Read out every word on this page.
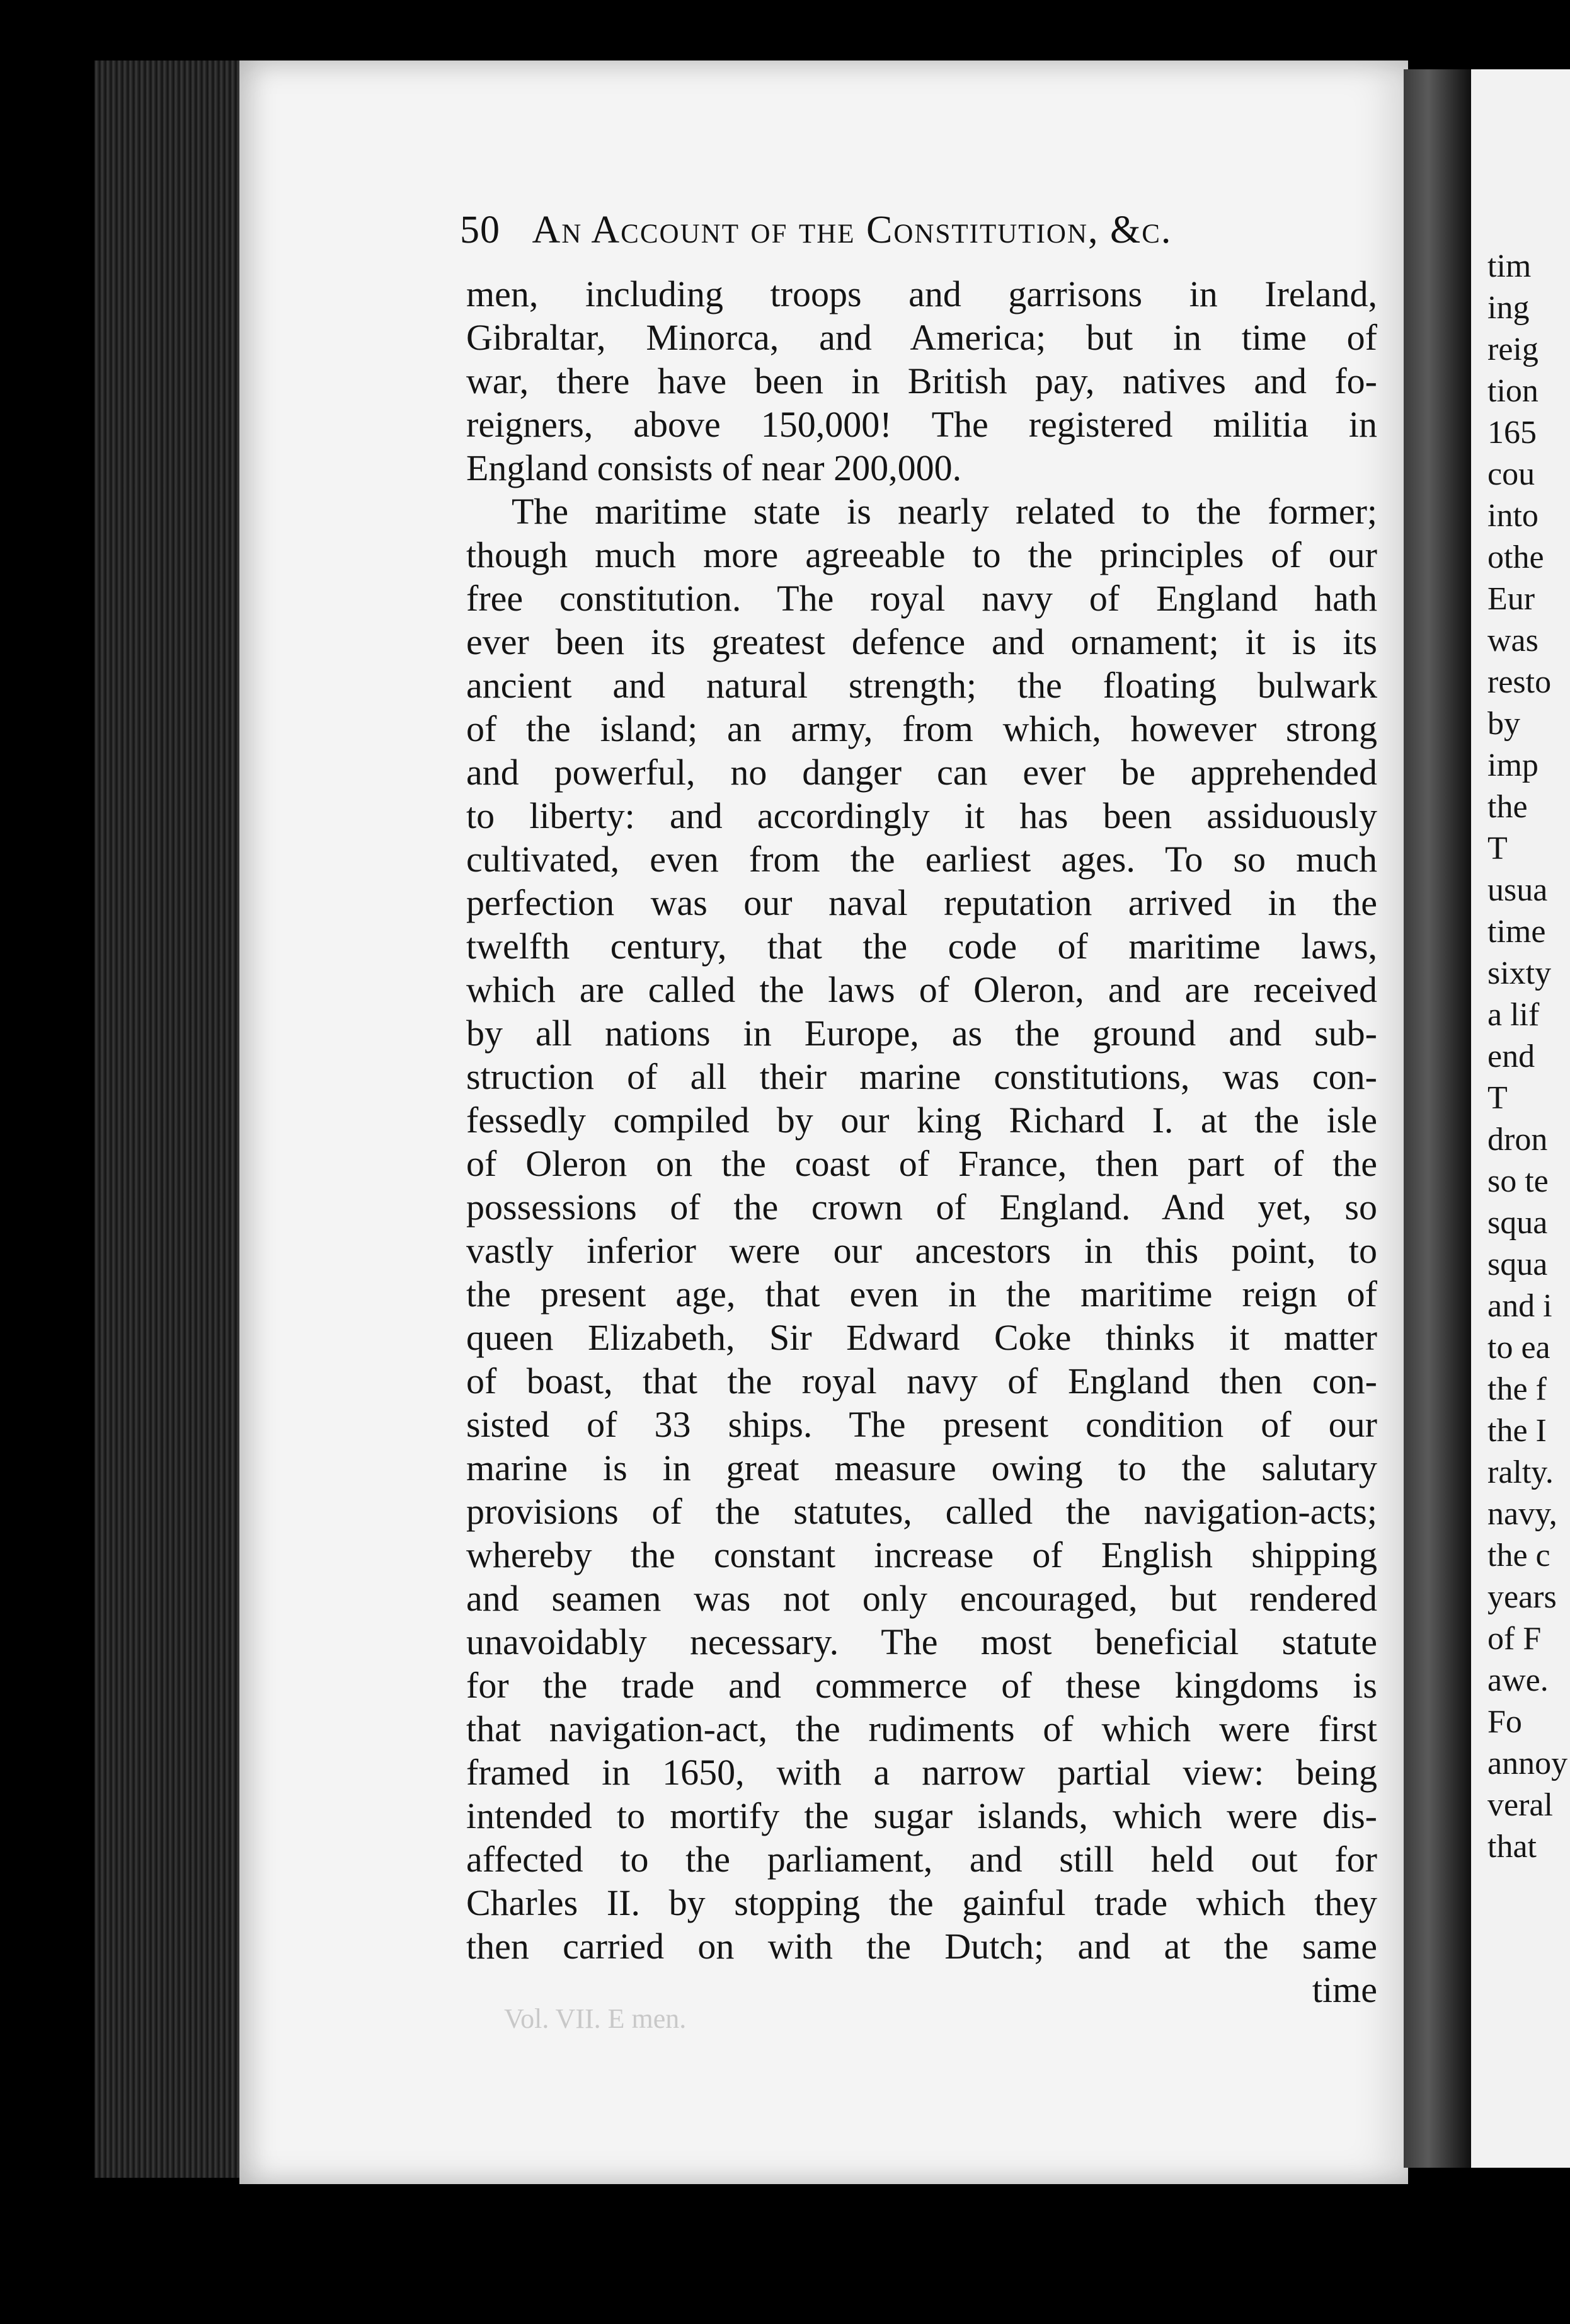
50 An Account of the Constitution, &c.
men, including troops and garrisons in Ireland,
Gibraltar, Minorca, and America; but in time of
war, there have been in British pay, natives and fo-
reigners, above 150,000! The registered militia in
England consists of near 200,000.
The maritime state is nearly related to the former;
though much more agreeable to the principles of our
free constitution. The royal navy of England hath
ever been its greatest defence and ornament; it is its
ancient and natural strength; the floating bulwark
of the island; an army, from which, however strong
and powerful, no danger can ever be apprehended
to liberty: and accordingly it has been assiduously
cultivated, even from the earliest ages. To so much
perfection was our naval reputation arrived in the
twelfth century, that the code of maritime laws,
which are called the laws of Oleron, and are received
by all nations in Europe, as the ground and sub-
struction of all their marine constitutions, was con-
fessedly compiled by our king Richard I. at the isle
of Oleron on the coast of France, then part of the
possessions of the crown of England. And yet, so
vastly inferior were our ancestors in this point, to
the present age, that even in the maritime reign of
queen Elizabeth, Sir Edward Coke thinks it matter
of boast, that the royal navy of England then con-
sisted of 33 ships. The present condition of our
marine is in great measure owing to the salutary
provisions of the statutes, called the navigation-acts;
whereby the constant increase of English shipping
and seamen was not only encouraged, but rendered
unavoidably necessary. The most beneficial statute
for the trade and commerce of these kingdoms is
that navigation-act, the rudiments of which were first
framed in 1650, with a narrow partial view: being
intended to mortify the sugar islands, which were dis-
affected to the parliament, and still held out for
Charles II. by stopping the gainful trade which they
then carried on with the Dutch; and at the same
time
Vol. VII. E men.
tim
ing
reig
tion
165
cou
into
othe
Eur
was
resto
by
imp
the
T
usua
time
sixty
a lif
end
T
dron
so te
squa
squa
and i
to ea
the f
the I
ralty.
navy,
the c
years
of F
awe.
Fo
annoy
veral
that
